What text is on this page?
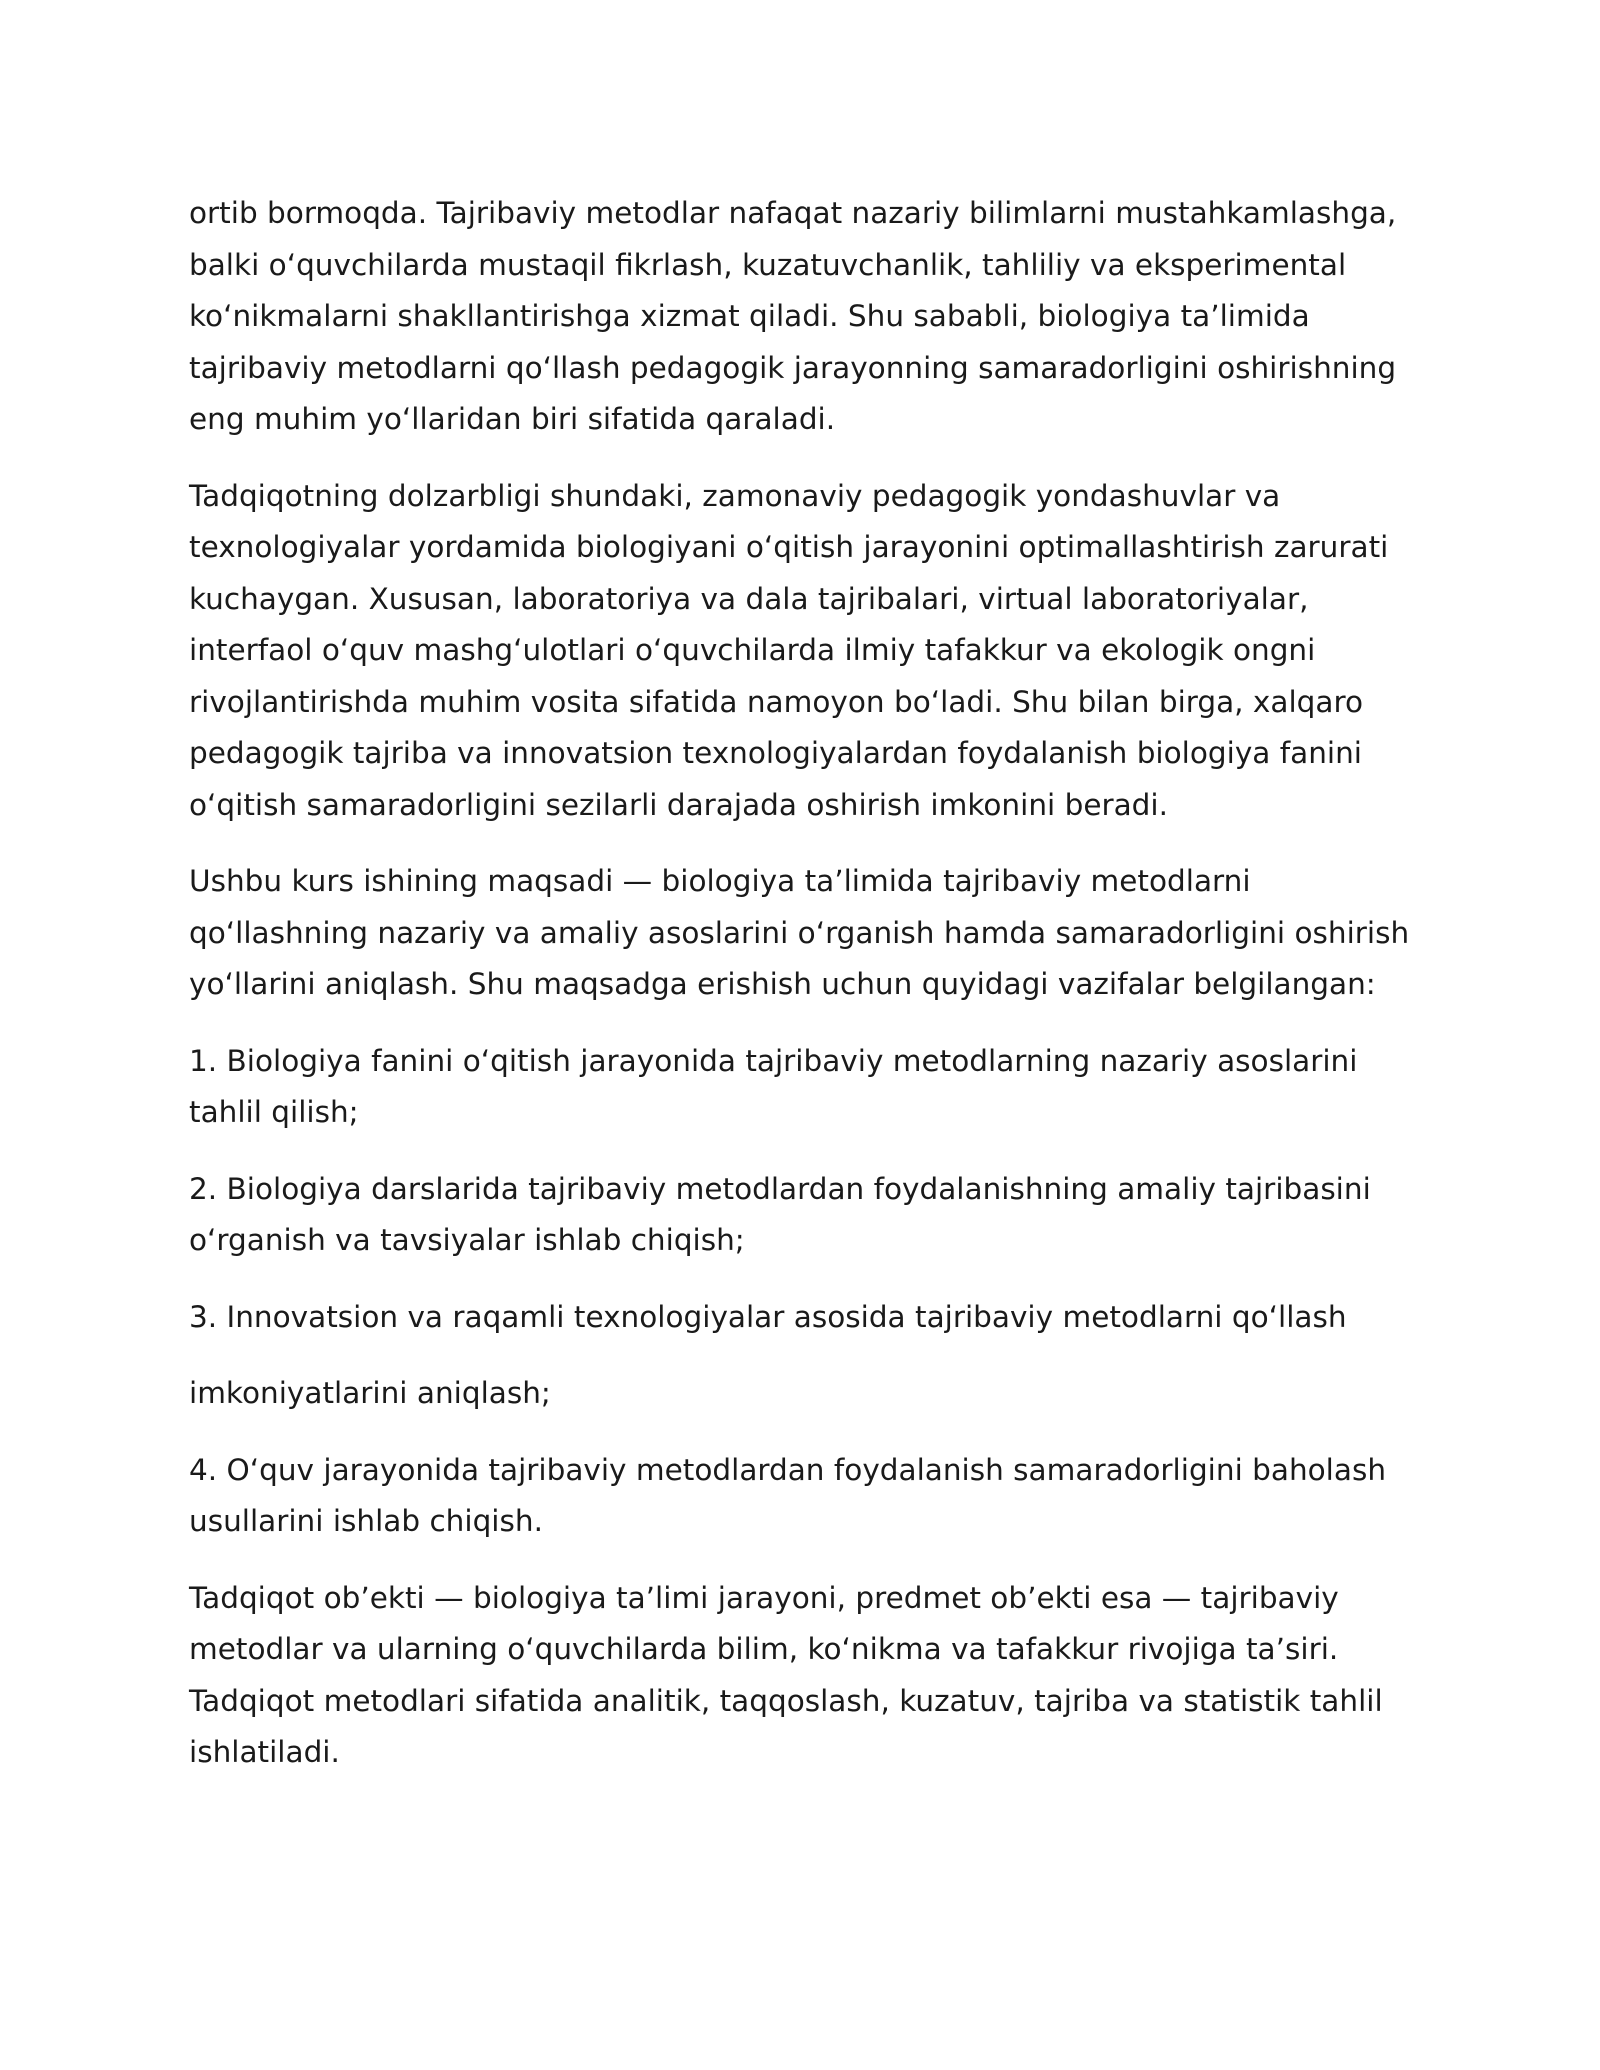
ortib bormoqda. Tajribaviy metodlar nafaqat nazariy bilimlarni mustahkamlashga, balki oʻquvchilarda mustaqil fikrlash, kuzatuvchanlik, tahliliy va eksperimental koʻnikmalarni shakllantirishga xizmat qiladi. Shu sababli, biologiya ta’limida tajribaviy metodlarni qoʻllash pedagogik jarayonning samaradorligini oshirishning eng muhim yoʻllaridan biri sifatida qaraladi.

Tadqiqotning dolzarbligi shundaki, zamonaviy pedagogik yondashuvlar va texnologiyalar yordamida biologiyani oʻqitish jarayonini optimallashtirish zarurati kuchaygan. Xususan, laboratoriya va dala tajribalari, virtual laboratoriyalar, interfaol oʻquv mashgʻulotlari oʻquvchilarda ilmiy tafakkur va ekologik ongni rivojlantirishda muhim vosita sifatida namoyon boʻladi. Shu bilan birga, xalqaro pedagogik tajriba va innovatsion texnologiyalardan foydalanish biologiya fanini oʻqitish samaradorligini sezilarli darajada oshirish imkonini beradi.

Ushbu kurs ishining maqsadi — biologiya ta’limida tajribaviy metodlarni qoʻllashning nazariy va amaliy asoslarini oʻrganish hamda samaradorligini oshirish yoʻllarini aniqlash. Shu maqsadga erishish uchun quyidagi vazifalar belgilangan:

1. Biologiya fanini oʻqitish jarayonida tajribaviy metodlarning nazariy asoslarini tahlil qilish;

2. Biologiya darslarida tajribaviy metodlardan foydalanishning amaliy tajribasini oʻrganish va tavsiyalar ishlab chiqish;

3. Innovatsion va raqamli texnologiyalar asosida tajribaviy metodlarni qoʻllash

imkoniyatlarini aniqlash;

4. Oʻquv jarayonida tajribaviy metodlardan foydalanish samaradorligini baholash usullarini ishlab chiqish.

Tadqiqot ob’ekti — biologiya ta’limi jarayoni, predmet ob’ekti esa — tajribaviy metodlar va ularning oʻquvchilarda bilim, koʻnikma va tafakkur rivojiga ta’siri. Tadqiqot metodlari sifatida analitik, taqqoslash, kuzatuv, tajriba va statistik tahlil ishlatiladi.
